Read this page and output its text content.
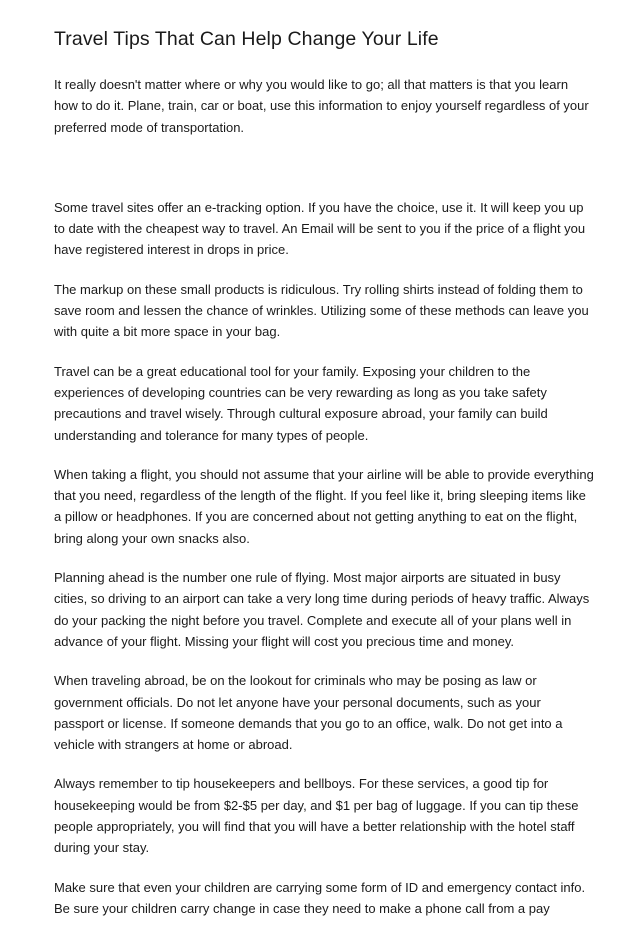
Travel Tips That Can Help Change Your Life

It really doesn't matter where or why you would like to go; all that matters is that you learn how to do it. Plane, train, car or boat, use this information to enjoy yourself regardless of your preferred mode of transportation.

Some travel sites offer an e-tracking option. If you have the choice, use it. It will keep you up to date with the cheapest way to travel. An Email will be sent to you if the price of a flight you have registered interest in drops in price.

The markup on these small products is ridiculous. Try rolling shirts instead of folding them to save room and lessen the chance of wrinkles. Utilizing some of these methods can leave you with quite a bit more space in your bag.

Travel can be a great educational tool for your family. Exposing your children to the experiences of developing countries can be very rewarding as long as you take safety precautions and travel wisely. Through cultural exposure abroad, your family can build understanding and tolerance for many types of people.

When taking a flight, you should not assume that your airline will be able to provide everything that you need, regardless of the length of the flight. If you feel like it, bring sleeping items like a pillow or headphones. If you are concerned about not getting anything to eat on the flight, bring along your own snacks also.

Planning ahead is the number one rule of flying. Most major airports are situated in busy cities, so driving to an airport can take a very long time during periods of heavy traffic. Always do your packing the night before you travel. Complete and execute all of your plans well in advance of your flight. Missing your flight will cost you precious time and money.

When traveling abroad, be on the lookout for criminals who may be posing as law or government officials. Do not let anyone have your personal documents, such as your passport or license. If someone demands that you go to an office, walk. Do not get into a vehicle with strangers at home or abroad.

Always remember to tip housekeepers and bellboys. For these services, a good tip for housekeeping would be from $2-$5 per day, and $1 per bag of luggage. If you can tip these people appropriately, you will find that you will have a better relationship with the hotel staff during your stay.

Make sure that even your children are carrying some form of ID and emergency contact info. Be sure your children carry change in case they need to make a phone call from a pay
